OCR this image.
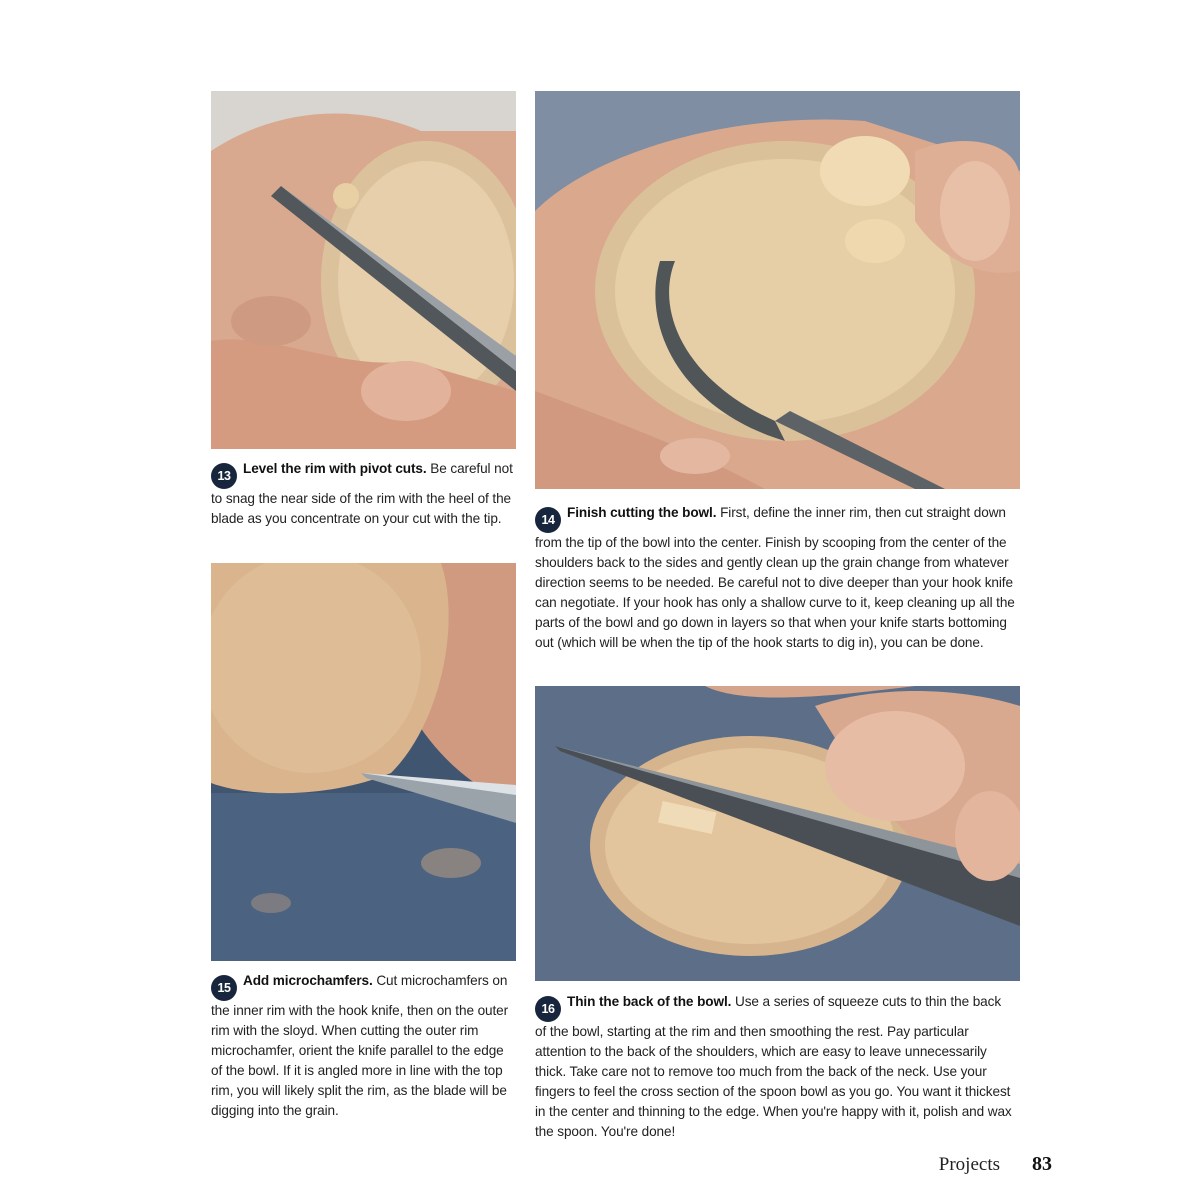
13 Level the rim with pivot cuts. Be careful not to snag the near side of the rim with the heel of the blade as you concentrate on your cut with the tip.	14 Finish cutting the bowl. First, define the inner rim, then cut straight down from the tip of the bowl into the center. Finish by scooping from the center of the shoulders back to the sides and gently clean up the grain change from whatever direction seems to be needed. Be careful not to dive deeper than your hook knife can negotiate. If your hook has only a shallow curve to it, keep cleaning up all the parts of the bowl and go down in layers so that when your knife starts bottoming out (which will be when the tip of the hook starts to dig in), you can be done.
15 Add microchamfers. Cut microchamfers on the inner rim with the hook knife, then on the outer rim with the sloyd. When cutting the outer rim microchamfer, orient the knife parallel to the edge of the bowl. If it is angled more in line with the top rim, you will likely split the rim, as the blade will be digging into the grain.
16 Thin the back of the bowl. Use a series of squeeze cuts to thin the back of the bowl, starting at the rim and then smoothing the rest. Pay particular attention to the back of the shoulders, which are easy to leave unnecessarily thick. Take care not to remove too much from the back of the neck. Use your fingers to feel the cross section of the spoon bowl as you go. You want it thickest in the center and thinning to the edge. When you're happy with it, polish and wax the spoon. You're done!
Projects 83
